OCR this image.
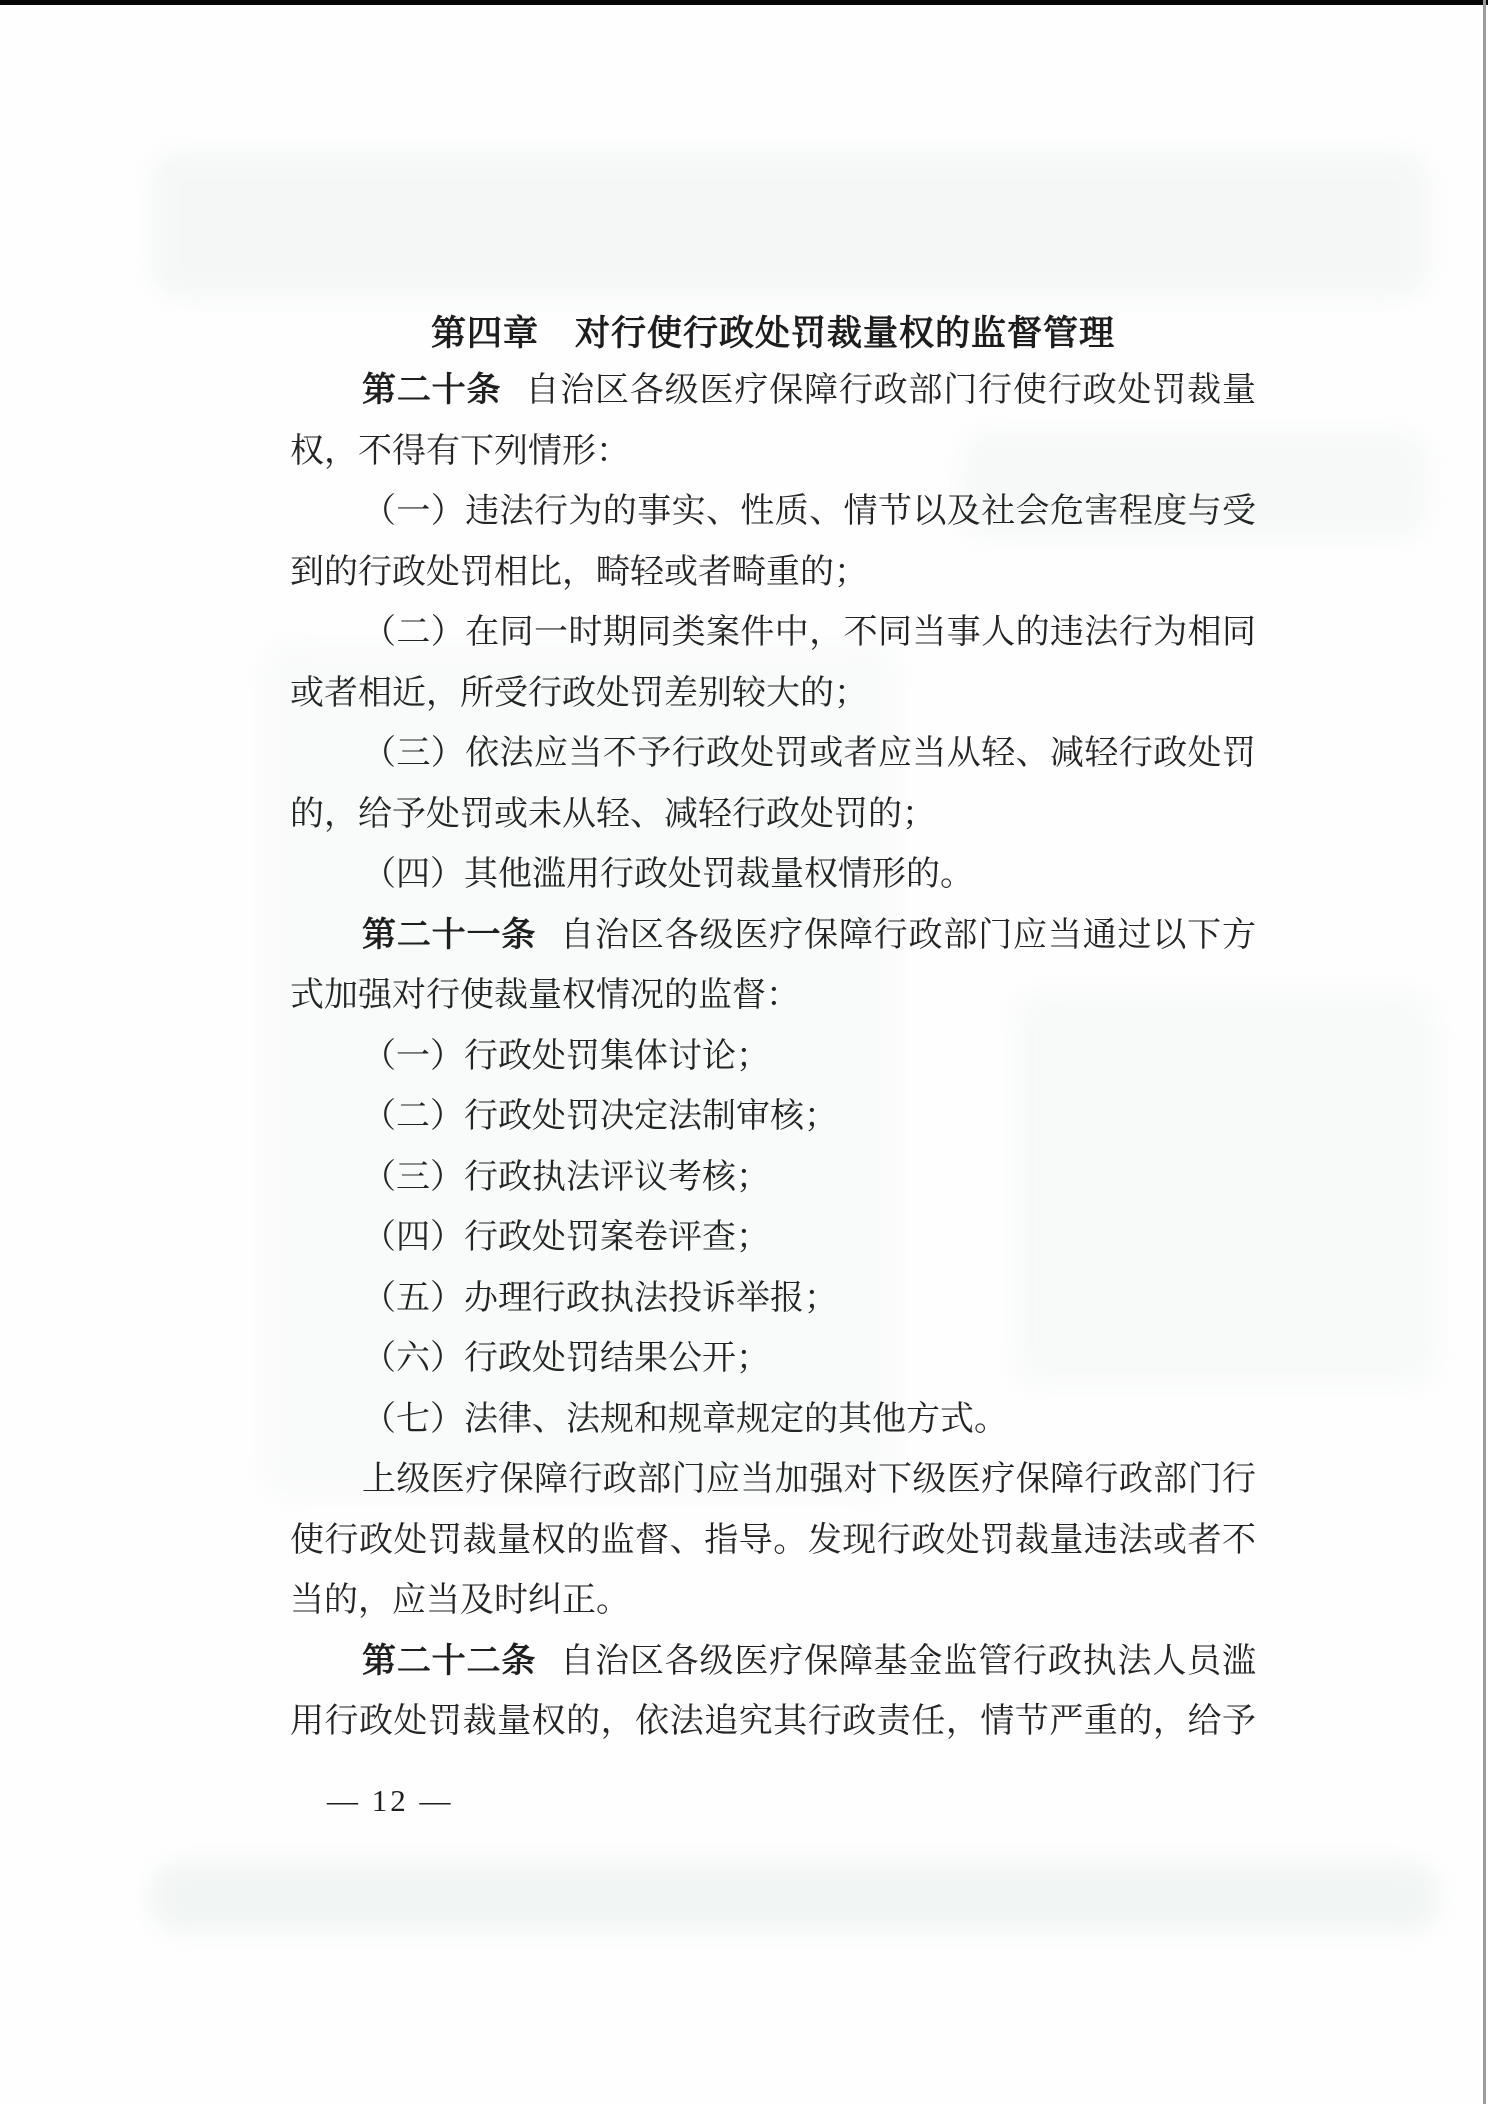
第四章　对行使行政处罚裁量权的监督管理
第二十条 自治区各级医疗保障行政部门行使行政处罚裁量
权，不得有下列情形：
（一）违法行为的事实、性质、情节以及社会危害程度与受
到的行政处罚相比，畸轻或者畸重的；
（二）在同一时期同类案件中，不同当事人的违法行为相同
或者相近，所受行政处罚差别较大的；
（三）依法应当不予行政处罚或者应当从轻、减轻行政处罚
的，给予处罚或未从轻、减轻行政处罚的；
（四）其他滥用行政处罚裁量权情形的。
第二十一条 自治区各级医疗保障行政部门应当通过以下方
式加强对行使裁量权情况的监督：
（一）行政处罚集体讨论；
（二）行政处罚决定法制审核；
（三）行政执法评议考核；
（四）行政处罚案卷评查；
（五）办理行政执法投诉举报；
（六）行政处罚结果公开；
（七）法律、法规和规章规定的其他方式。
上级医疗保障行政部门应当加强对下级医疗保障行政部门行
使行政处罚裁量权的监督、指导。发现行政处罚裁量违法或者不
当的，应当及时纠正。
第二十二条 自治区各级医疗保障基金监管行政执法人员滥
用行政处罚裁量权的，依法追究其行政责任，情节严重的，给予
— 12 —
